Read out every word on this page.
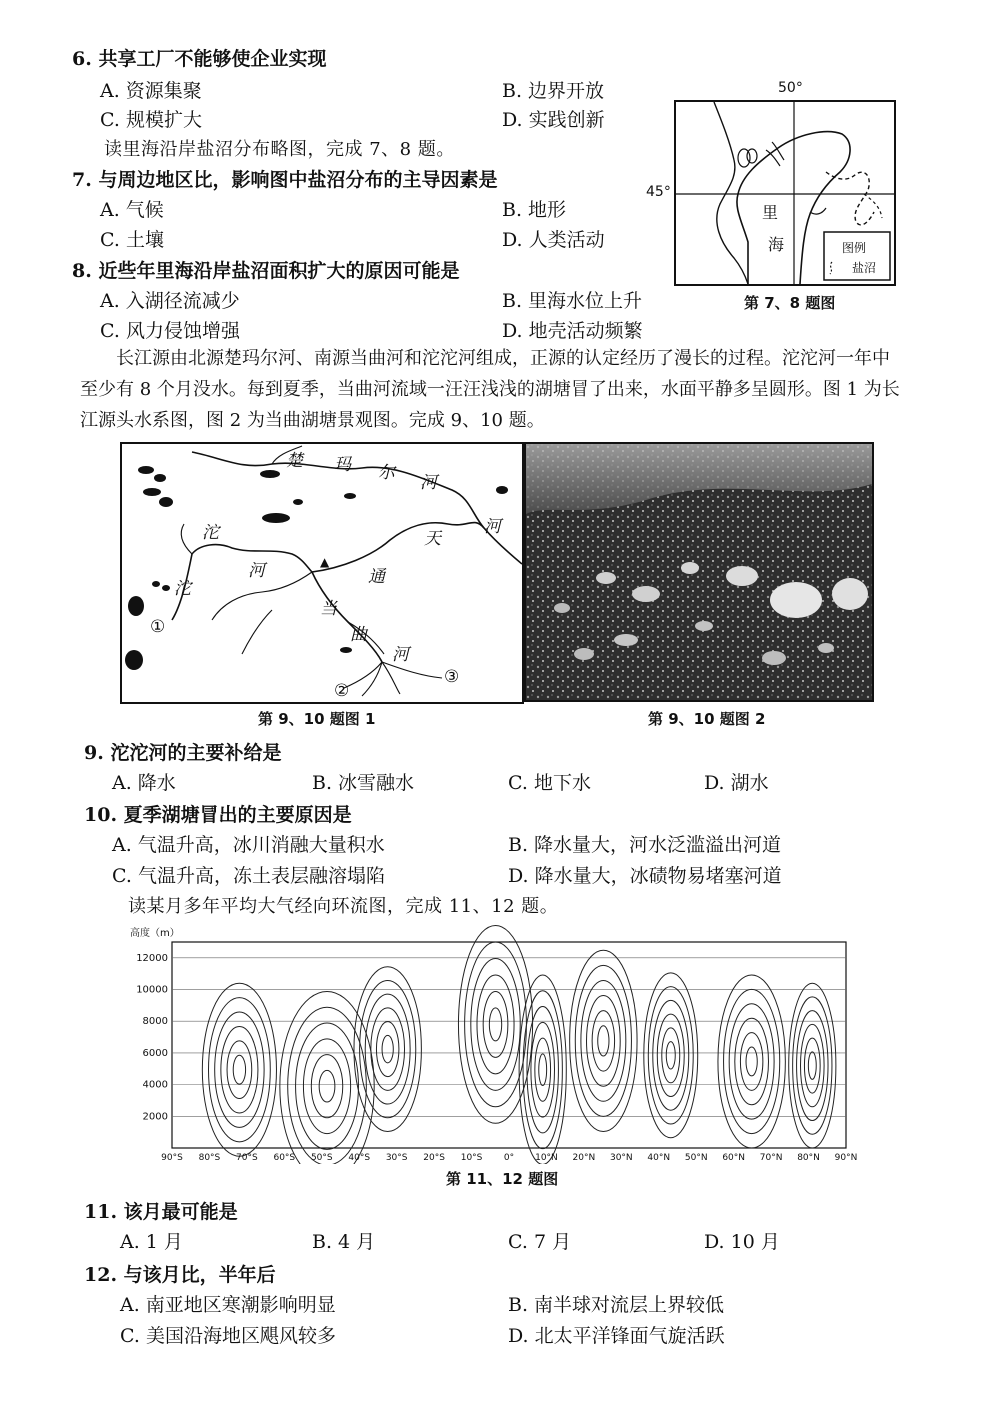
6. 共享工厂不能够使企业实现
A. 资源集聚	B. 边界开放
C. 规模扩大	D. 实践创新
读里海沿岸盐沼分布略图，完成 7、8 题。
7. 与周边地区比，影响图中盐沼分布的主导因素是
A. 气候	B. 地形
C. 土壤	D. 人类活动
8. 近些年里海沿岸盐沼面积扩大的原因可能是
A. 入湖径流减少	B. 里海水位上升
C. 风力侵蚀增强	D. 地壳活动频繁
里
海	图例
盐沼
50°
45°
第 7、8 题图
长江源由北源楚玛尔河、南源当曲河和沱沱河组成，正源的认定经历了漫长的过程。沱沱河一年中至少有 8 个月没水。每到夏季，当曲河流域一汪汪浅浅的湖塘冒了出来，水面平静多呈圆形。图 1 为长江源头水系图，图 2 为当曲湖塘景观图。完成 9、10 题。
楚 玛 尔 河
河
天
通
当
曲
河
沱
沱
河
①
②
③
▲
第 9、10 题图 1	第 9、10 题图 2
9. 沱沱河的主要补给是
A. 降水	B. 冰雪融水	C. 地下水	D. 湖水
10. 夏季湖塘冒出的主要原因是
A. 气温升高，冰川消融大量积水	B. 降水量大，河水泛滥溢出河道
C. 气温升高，冻土表层融溶塌陷	D. 降水量大，冰碛物易堵塞河道
读某月多年平均大气经向环流图，完成 11、12 题。
高度（m）
2000
4000
6000
8000
10000
12000
90°S 80°S 70°S 60°S 50°S 40°S 30°S 20°S 10°S 0° 10°N 20°N 30°N 40°N 50°N 60°N 70°N 80°N 90°N
第 11、12 题图
11. 该月最可能是
A. 1 月	B. 4 月	C. 7 月	D. 10 月
12. 与该月比，半年后
A. 南亚地区寒潮影响明显	B. 南半球对流层上界较低
C. 美国沿海地区飓风较多	D. 北太平洋锋面气旋活跃
